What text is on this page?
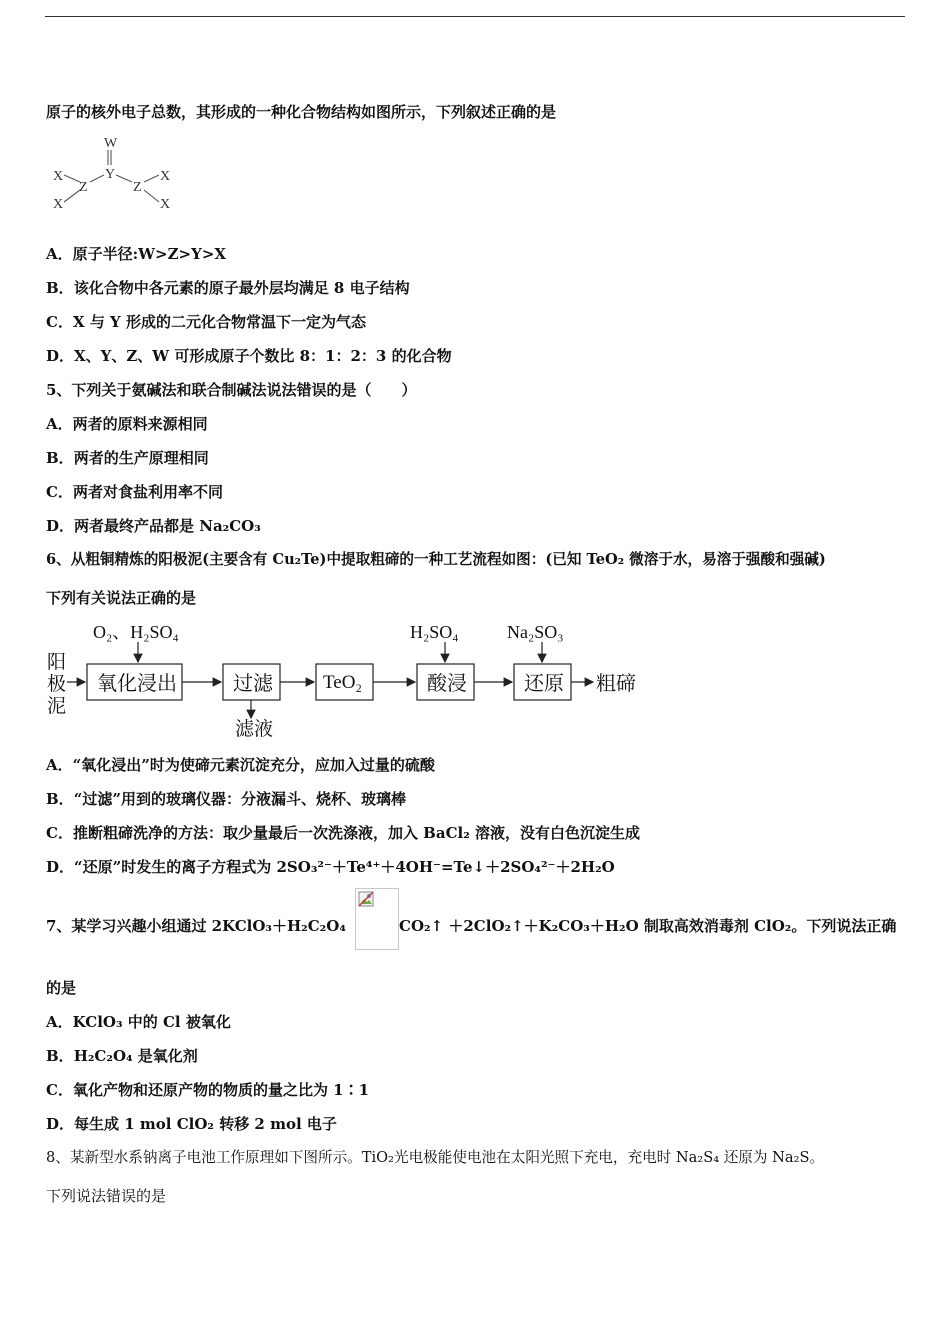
原子的核外电子总数，其形成的一种化合物结构如图所示，下列叙述正确的是
W
Y
Z	Z
X
X
X
X
A．原子半径:W>Z>Y>X
B．该化合物中各元素的原子最外层均满足 8 电子结构
C．X 与 Y 形成的二元化合物常温下一定为气态
D．X、Y、Z、W 可形成原子个数比 8：1：2：3 的化合物
5、下列关于氨碱法和联合制碱法说法错误的是（　　）
A．两者的原料来源相同
B．两者的生产原理相同
C．两者对食盐利用率不同
D．两者最终产品都是 Na₂CO₃
6、从粗铜精炼的阳极泥(主要含有 Cu₂Te)中提取粗碲的一种工艺流程如图：(已知 TeO₂ 微溶于水，易溶于强酸和强碱)
下列有关说法正确的是
阳
极
泥
O₂、H₂SO₄
氧化浸出	过滤
滤液
TeO₂
H₂SO₄
酸浸
Na₂SO₃
还原 粗碲
A．“氧化浸出”时为使碲元素沉淀充分，应加入过量的硫酸
B．“过滤”用到的玻璃仪器：分液漏斗、烧杯、玻璃棒
C．推断粗碲洗净的方法：取少量最后一次洗涤液，加入 BaCl₂ 溶液，没有白色沉淀生成
D．“还原”时发生的离子方程式为 2SO₃²⁻＋Te⁴⁺＋4OH⁻=Te↓＋2SO₄²⁻＋2H₂O
7、某学习兴趣小组通过 2KClO₃＋H₂C₂O₄	CO₂↑ ＋2ClO₂↑＋K₂CO₃＋H₂O 制取高效消毒剂 ClO₂。下列说法正确
的是
A．KClO₃ 中的 Cl 被氧化
B．H₂C₂O₄ 是氧化剂
C．氧化产物和还原产物的物质的量之比为 1∶1
D．每生成 1 mol ClO₂ 转移 2 mol 电子
8、某新型水系钠离子电池工作原理如下图所示。TiO₂光电极能使电池在太阳光照下充电，充电时 Na₂S₄ 还原为 Na₂S。
下列说法错误的是
